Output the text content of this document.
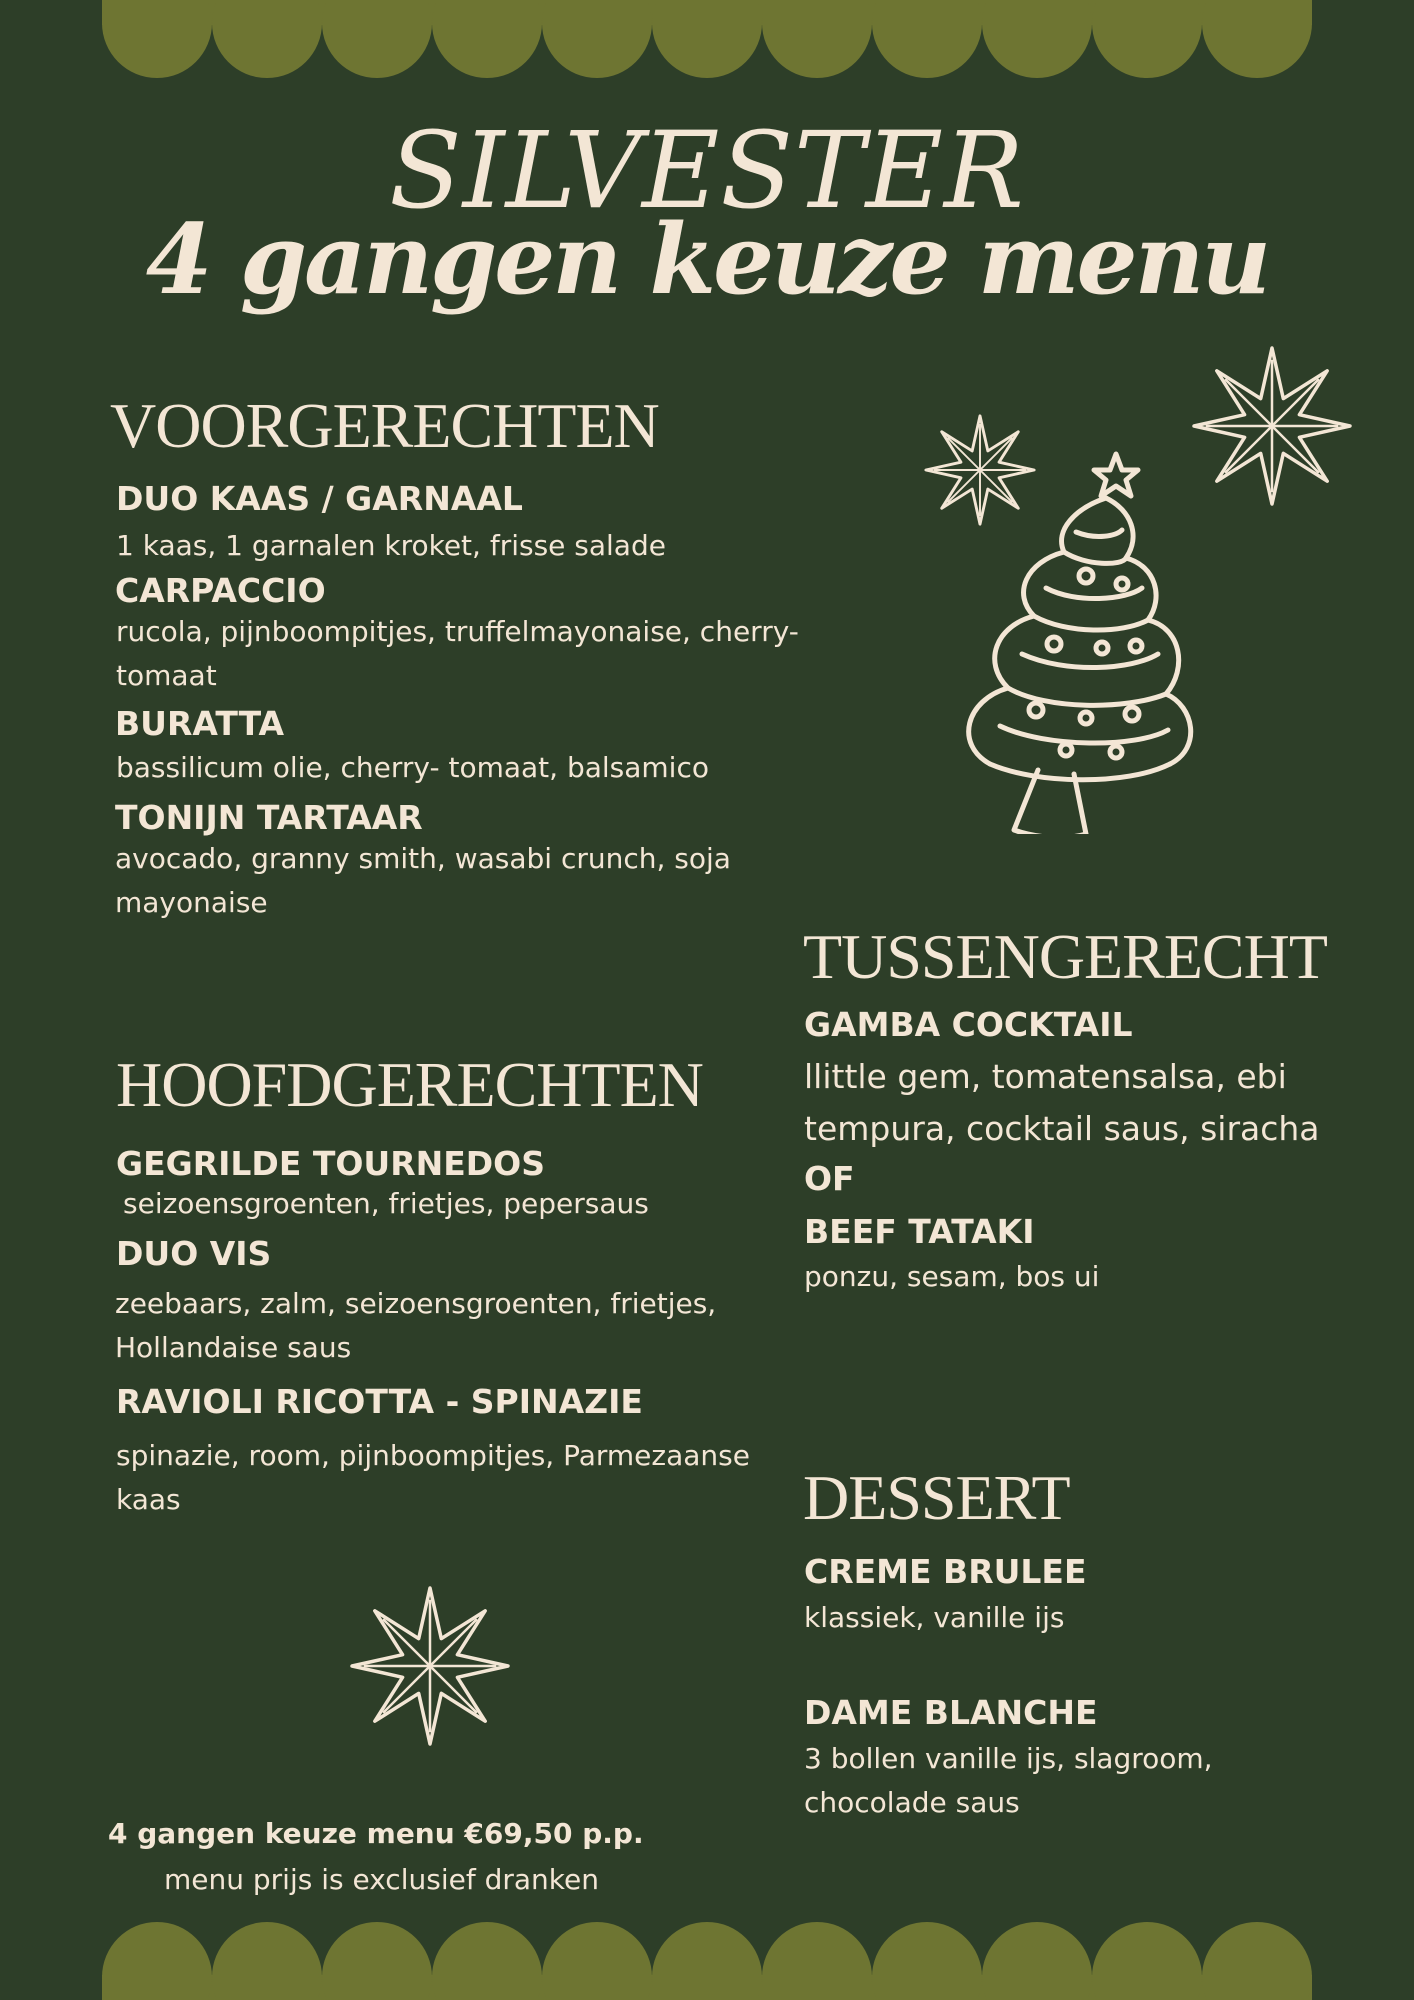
SILVESTER
4 gangen keuze menu
VOORGERECHTEN
DUO KAAS / GARNAAL
1 kaas, 1 garnalen kroket, frisse salade
CARPACCIO
rucola, pijnboompitjes, truffelmayonaise, cherry- tomaat
BURATTA
bassilicum olie, cherry- tomaat, balsamico
TONIJN TARTAAR
avocado, granny smith, wasabi crunch, soja mayonaise
HOOFDGERECHTEN
GEGRILDE TOURNEDOS
seizoensgroenten, frietjes, pepersaus
DUO VIS
zeebaars, zalm, seizoensgroenten, frietjes, Hollandaise saus
RAVIOLI RICOTTA - SPINAZIE
spinazie, room, pijnboompitjes, Parmezaanse kaas
TUSSENGERECHT
GAMBA COCKTAIL
llittle gem, tomatensalsa, ebi tempura, cocktail saus, siracha
OF
BEEF TATAKI
ponzu, sesam, bos ui
DESSERT
CREME BRULEE
klassiek, vanille ijs
DAME BLANCHE
3 bollen vanille ijs, slagroom, chocolade saus
4 gangen keuze menu €69,50 p.p.
menu prijs is exclusief dranken
